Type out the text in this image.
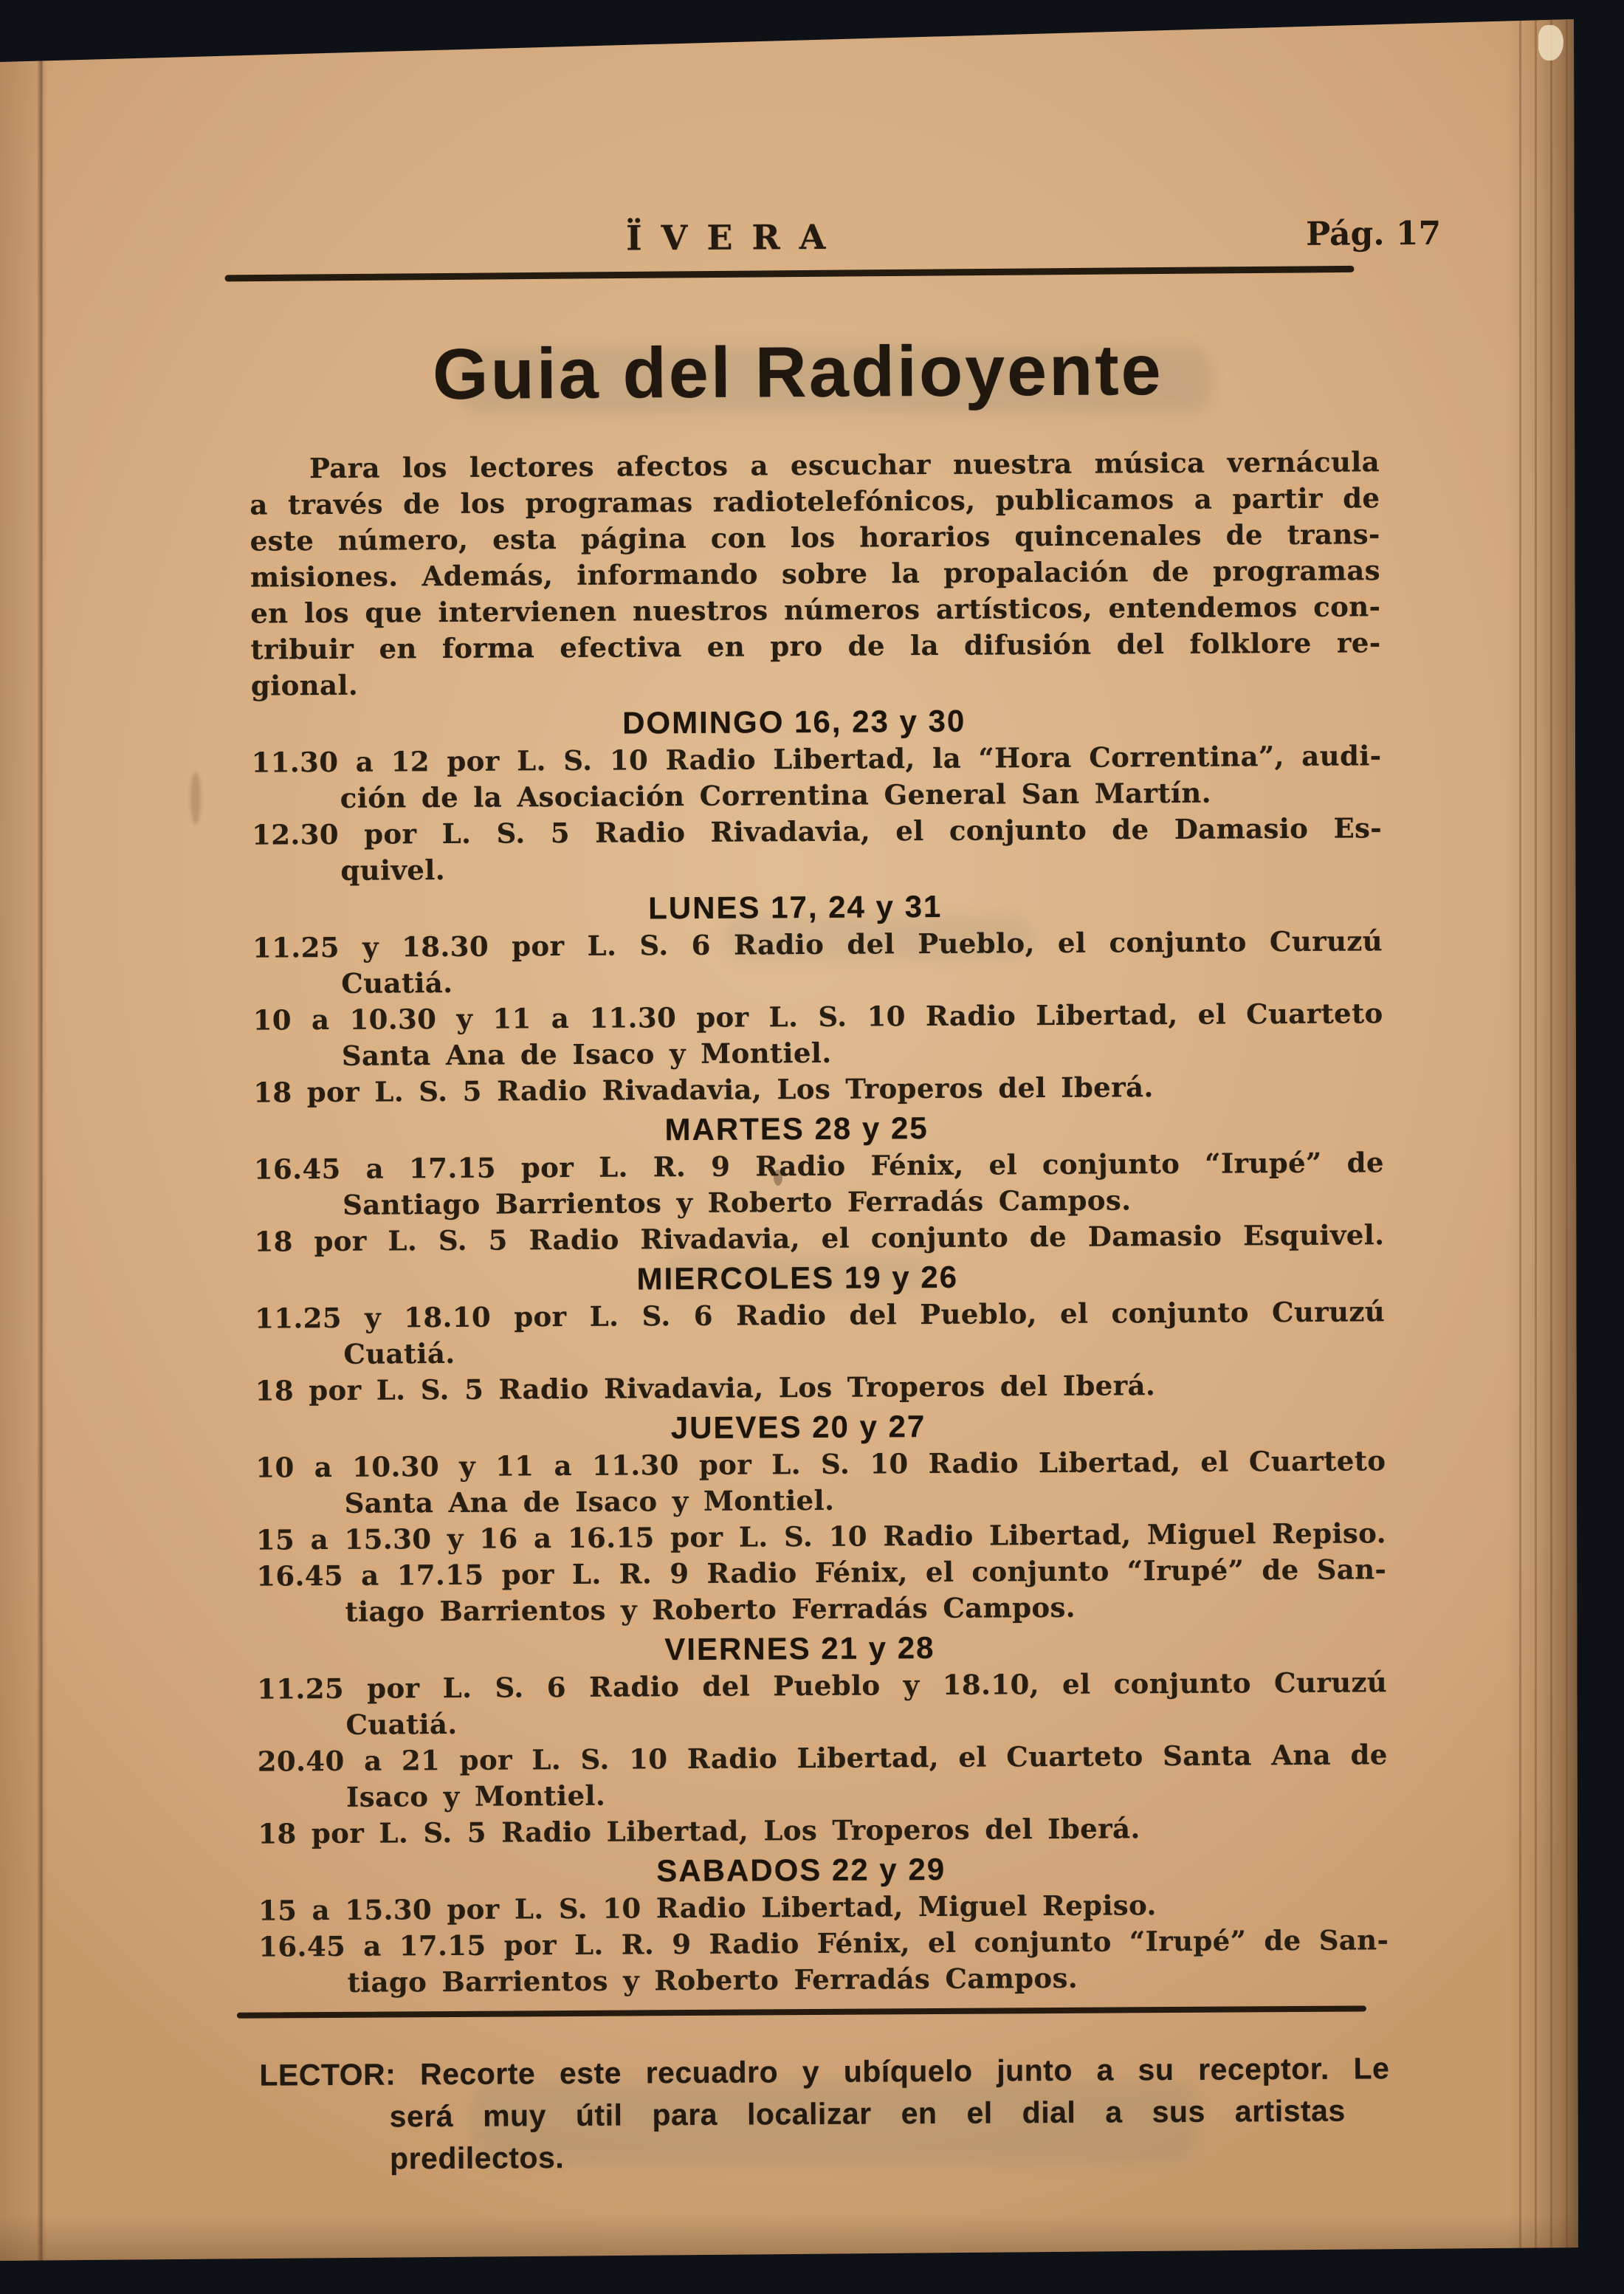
ÏVERA	Pág. 17
Guia del Radioyente
Para los lectores afectos a escuchar nuestra música vernácula
a través de los programas radiotelefónicos, publicamos a partir de
este número, esta página con los horarios quincenales de trans-
misiones. Además, informando sobre la propalación de programas
en los que intervienen nuestros números artísticos, entendemos con-
tribuir en forma efectiva en pro de la difusión del folklore re-
gional.
DOMINGO 16, 23 y 30
11.30 a 12 por L. S. 10 Radio Libertad, la “Hora Correntina”, audi-
ción de la Asociación Correntina General San Martín.
12.30 por L. S. 5 Radio Rivadavia, el conjunto de Damasio Es-
quivel.
LUNES 17, 24 y 31
11.25 y 18.30 por L. S. 6 Radio del Pueblo, el conjunto Curuzú
Cuatiá.
10 a 10.30 y 11 a 11.30 por L. S. 10 Radio Libertad, el Cuarteto
Santa Ana de Isaco y Montiel.
18 por L. S. 5 Radio Rivadavia, Los Troperos del Iberá.
MARTES 28 y 25
16.45 a 17.15 por L. R. 9 Radio Fénix, el conjunto “Irupé” de
Santiago Barrientos y Roberto Ferradás Campos.
18 por L. S. 5 Radio Rivadavia, el conjunto de Damasio Esquivel.
MIERCOLES 19 y 26
11.25 y 18.10 por L. S. 6 Radio del Pueblo, el conjunto Curuzú
Cuatiá.
18 por L. S. 5 Radio Rivadavia, Los Troperos del Iberá.
JUEVES 20 y 27
10 a 10.30 y 11 a 11.30 por L. S. 10 Radio Libertad, el Cuarteto
Santa Ana de Isaco y Montiel.
15 a 15.30 y 16 a 16.15 por L. S. 10 Radio Libertad, Miguel Repiso.
16.45 a 17.15 por L. R. 9 Radio Fénix, el conjunto “Irupé” de San-
tiago Barrientos y Roberto Ferradás Campos.
VIERNES 21 y 28
11.25 por L. S. 6 Radio del Pueblo y 18.10, el conjunto Curuzú
Cuatiá.
20.40 a 21 por L. S. 10 Radio Libertad, el Cuarteto Santa Ana de
Isaco y Montiel.
18 por L. S. 5 Radio Libertad, Los Troperos del Iberá.
SABADOS 22 y 29
15 a 15.30 por L. S. 10 Radio Libertad, Miguel Repiso.
16.45 a 17.15 por L. R. 9 Radio Fénix, el conjunto “Irupé” de San-
tiago Barrientos y Roberto Ferradás Campos.
LECTOR: Recorte este recuadro y ubíquelo junto a su receptor. Le
será muy útil para localizar en el dial a sus artistas
predilectos.
